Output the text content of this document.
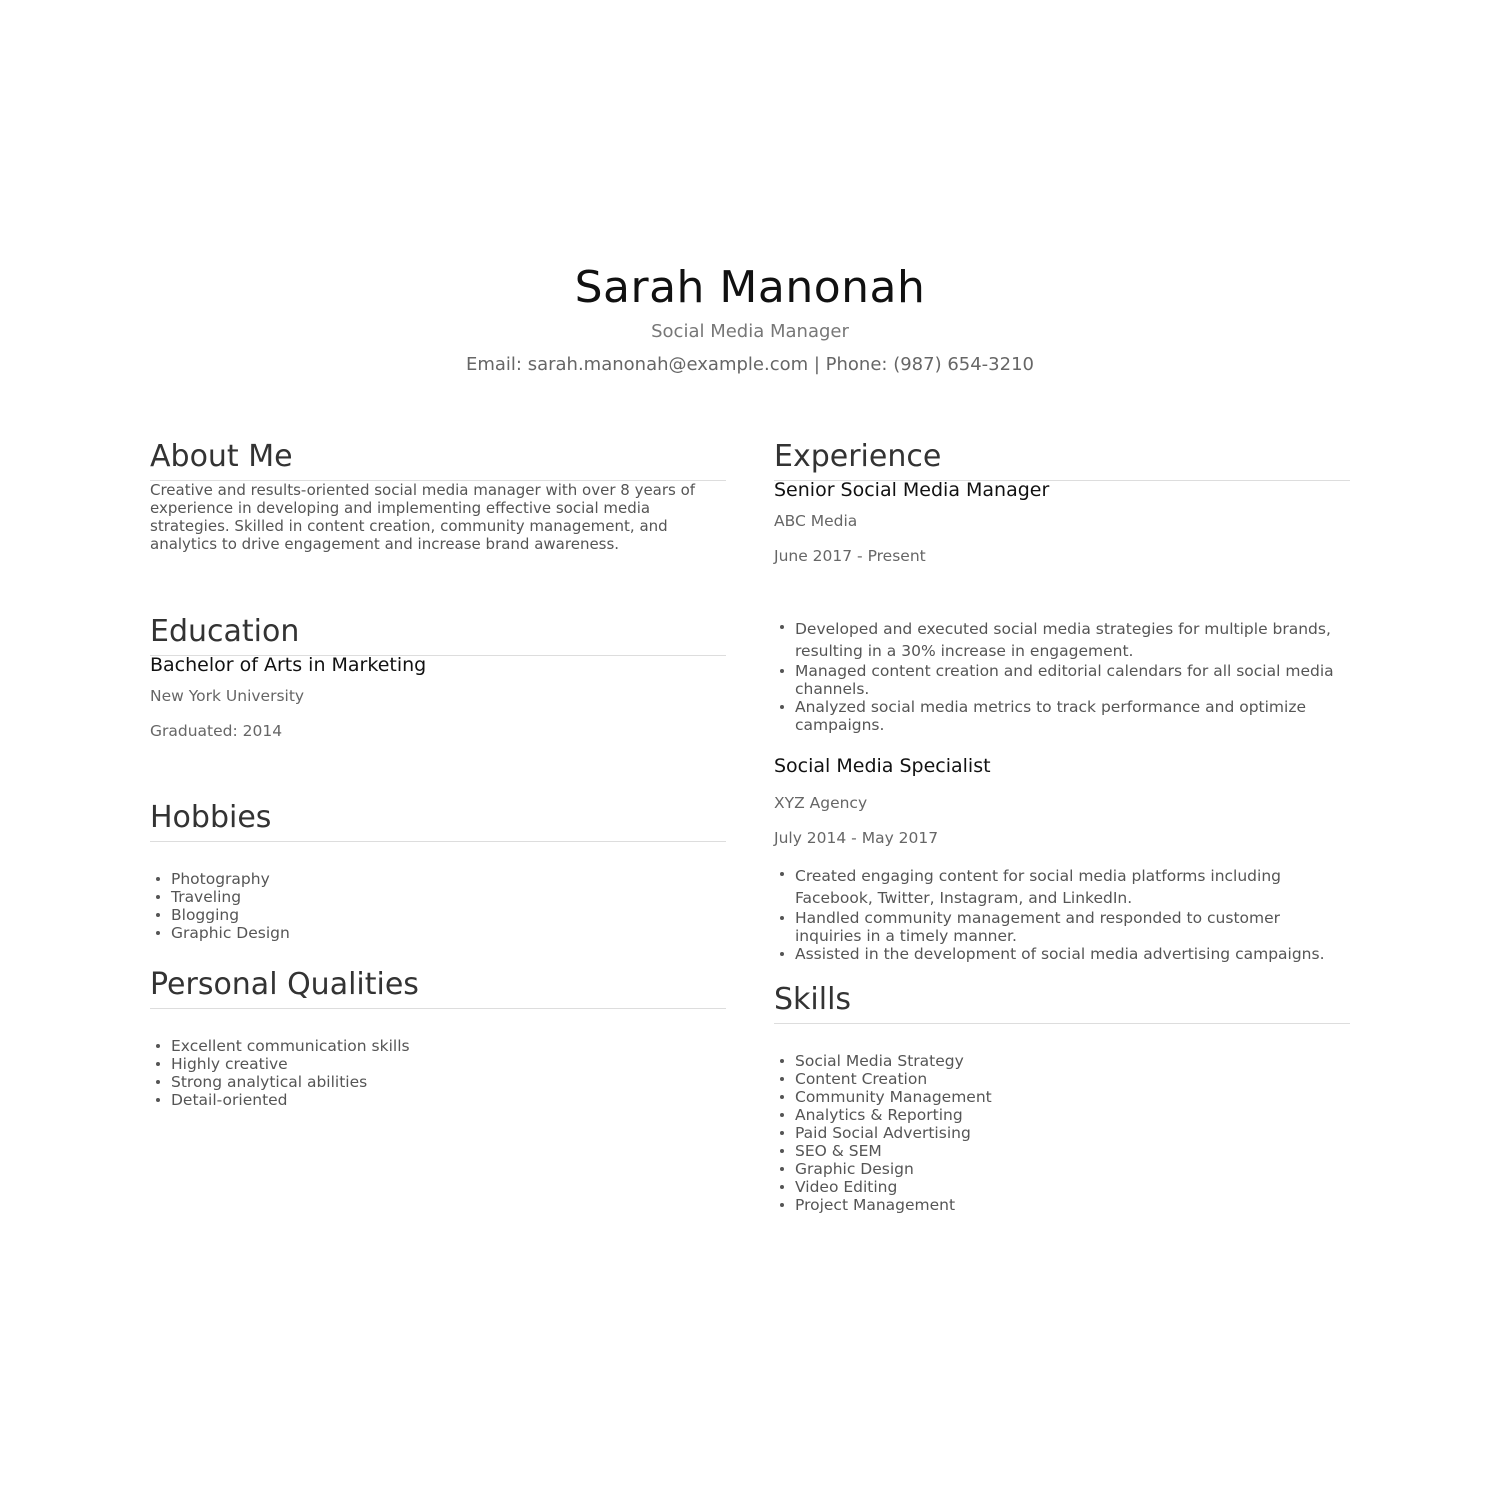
Sarah Manonah
Social Media Manager
Email: sarah.manonah@example.com | Phone: (987) 654-3210
About Me

Creative and results-oriented social media manager with over 8 years of experience in developing and implementing effective social media strategies. Skilled in content creation, community management, and analytics to drive engagement and increase brand awareness.

Education

Bachelor of Arts in Marketing

New York University

Graduated: 2014

Hobbies
Photography
Traveling
Blogging
Graphic Design
Personal Qualities
Excellent communication skills
Highly creative
Strong analytical abilities
Detail-oriented
Experience

Senior Social Media Manager

ABC Media

June 2017 - Present

Developed and executed social media strategies for multiple brands, resulting in a 30% increase in engagement.
Managed content creation and editorial calendars for all social media channels.
Analyzed social media metrics to track performance and optimize campaigns.

Social Media Specialist

XYZ Agency

July 2014 - May 2017

Created engaging content for social media platforms including Facebook, Twitter, Instagram, and LinkedIn.
Handled community management and responded to customer inquiries in a timely manner.
Assisted in the development of social media advertising campaigns.
Skills
Social Media Strategy
Content Creation
Community Management
Analytics & Reporting
Paid Social Advertising
SEO & SEM
Graphic Design
Video Editing
Project Management
